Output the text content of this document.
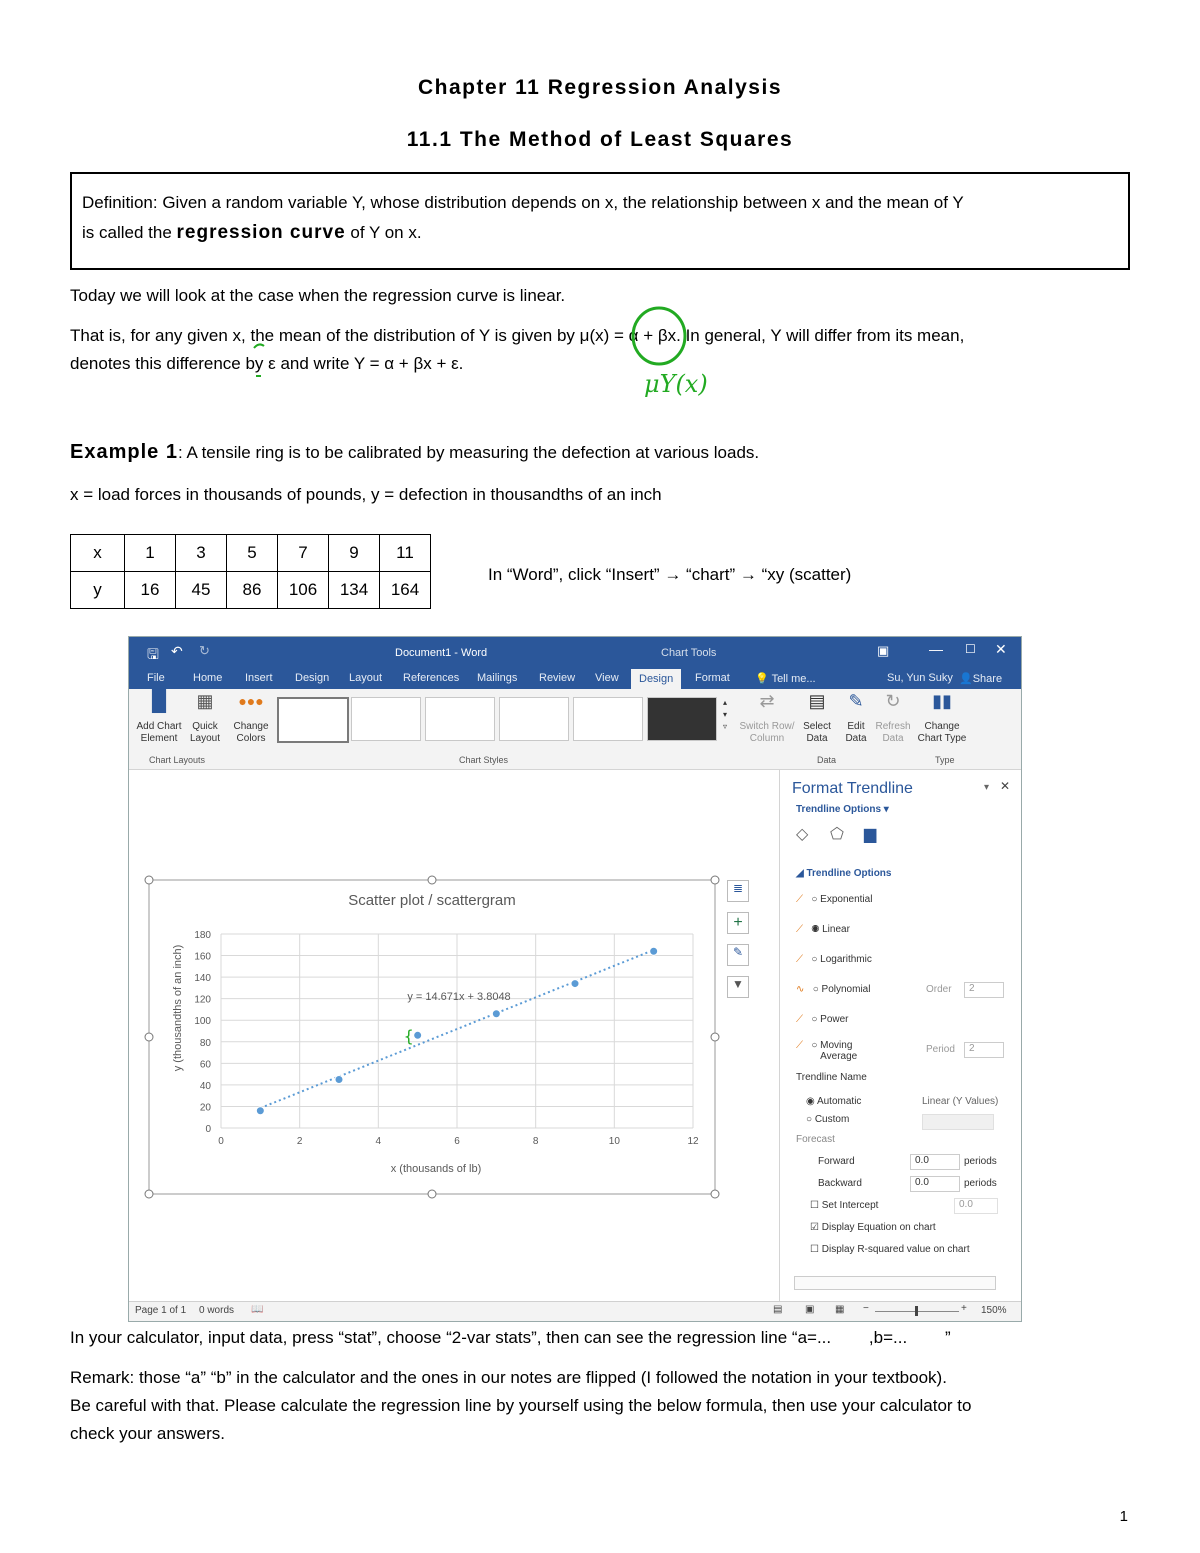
Chapter 11 Regression Analysis
11.1 The Method of Least Squares
Definition: Given a random variable Y, whose distribution depends on x, the relationship between x and the mean of Y
is called the regression curve of Y on x.
Today we will look at the case when the regression curve is linear.
That is, for any given x, the mean of the distribution of Y is given by μ(x) = α + βx. In general, Y will differ from its mean,
denotes this difference by ε and write Y = α + βx + ε.
μY(x)
Example 1: A tensile ring is to be calibrated by measuring the defection at various loads.
x = load forces in thousands of pounds, y = defection in thousandths of an inch
x	1	3	5	7	9	11
y	16	45	86	106	134	164
In “Word”, click “Insert” → “chart” → “xy (scatter)
🖫 ↶ ↻	Document1 - Word	Chart Tools	▣	— ☐ ✕
File	Home Insert Design Layout References Mailings Review View	Design	Format 💡 Tell me...	Su, Yun Suky 👤Share
▐▌
Add Chart Element
▦
Quick Layout
●●●
Change Colors
▴
▾
▿
⇄
Switch Row/ Column
▤
Select Data
✎
Edit Data
↻
Refresh Data
▮▮
Change Chart Type
Chart Layouts	Chart Styles	Data	Type
Scatter plot / scattergram
0	2	4	6	8	10	12
0
20
40
60
80
100
120
140
160
180
{
x (thousands of lb)
y (thousandths of an inch)	y = 14.671x + 3.8048
≣
+
✎
▼
Format Trendline	▾ ✕
Trendline Options ▾
◇ ⬠ ▆
◢ Trendline Options
⟋   ○ Exponential
⟋   ◉ Linear
⟋   ○ Logarithmic
∿   ○ Polynomial	Order	2
⟋   ○ Power
⟋   ○ Moving Average
Period	2
Trendline Name
◉ Automatic	Linear (Y Values)
○ Custom
Forecast
Forward	0.0	periods
Backward	0.0	periods
☐ Set Intercept	0.0
☑ Display Equation on chart
☐ Display R-squared value on chart
Page 1 of 1 0 words 📖	▤ ▣ ▦ −	+ 150%
In your calculator, input data, press “stat”, choose “2-var stats”, then can see the regression line “a=...        ,b=...        ”
Remark: those “a” “b” in the calculator and the ones in our notes are flipped (I followed the notation in your textbook).
Be careful with that. Please calculate the regression line by yourself using the below formula, then use your calculator to
check your answers.
1
